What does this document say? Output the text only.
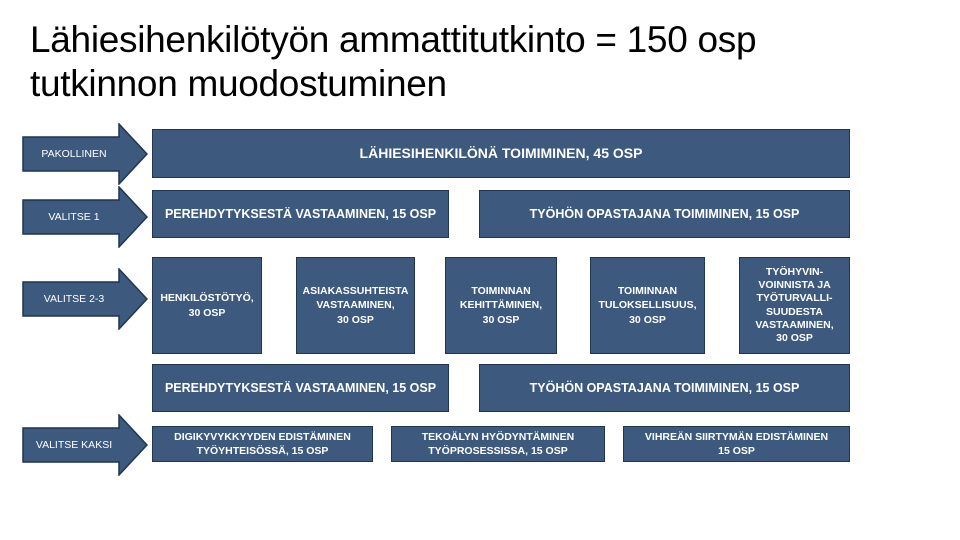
Lähiesihenkilötyön ammattitutkinto = 150 osp
tutkinnon muodostuminen
PAKOLLINEN
VALITSE 1
VALITSE 2-3
VALITSE KAKSI
LÄHIESIHENKILÖNÄ TOIMIMINEN, 45 OSP
PEREHDYTYKSESTÄ VASTAAMINEN, 15 OSP	TYÖHÖN OPASTAJANA TOIMIMINEN, 15 OSP
HENKILÖSTÖTYÖ,
30 OSP
ASIAKASSUHTEISTA
VASTAAMINEN,
30 OSP
TOIMINNAN
KEHITTÄMINEN,
30 OSP
TOIMINNAN
TULOKSELLISUUS,
30 OSP
TYÖHYVIN-
VOINNISTA JA
TYÖTURVALLI-
SUUDESTA
VASTAAMINEN,
30 OSP
PEREHDYTYKSESTÄ VASTAAMINEN, 15 OSP	TYÖHÖN OPASTAJANA TOIMIMINEN, 15 OSP
DIGIKYVYKKYYDEN EDISTÄMINEN
TYÖYHTEISÖSSÄ, 15 OSP
TEKOÄLYN HYÖDYNTÄMINEN
TYÖPROSESSISSA, 15 OSP
VIHREÄN SIIRTYMÄN EDISTÄMINEN
15 OSP
